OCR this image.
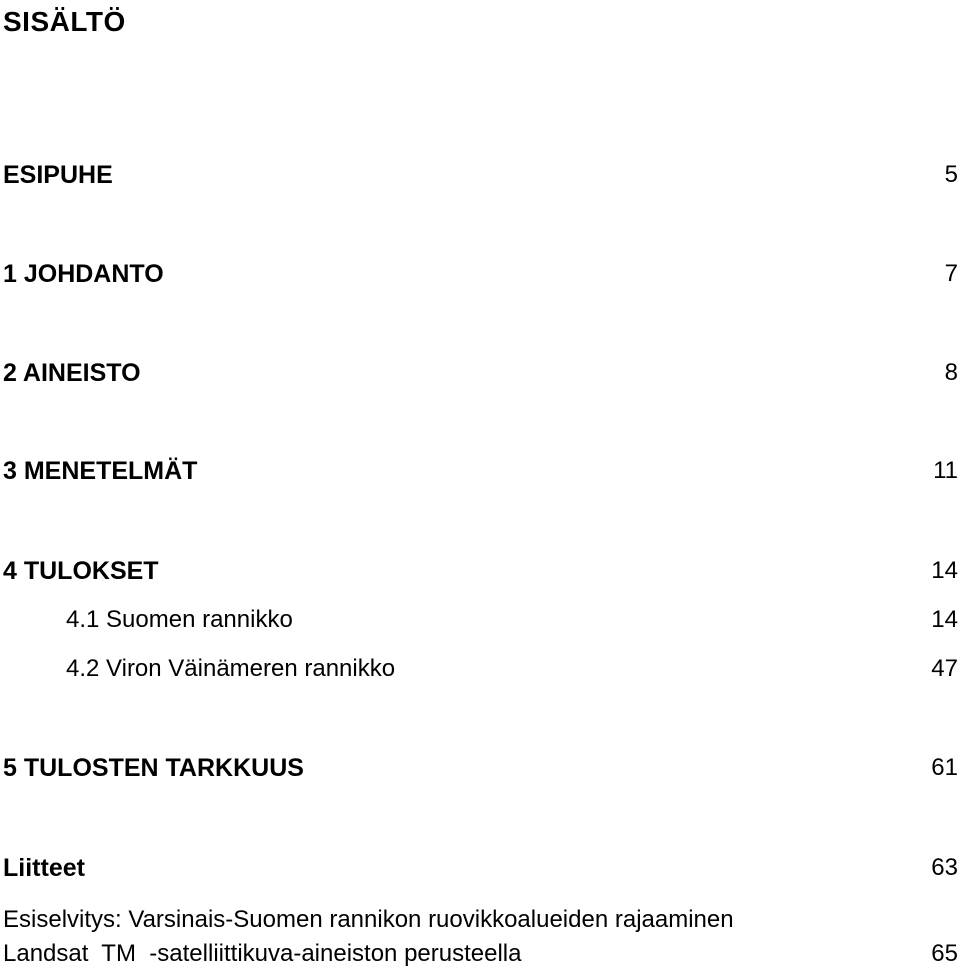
SISÄLTÖ
ESIPUHE	5
1 JOHDANTO	7
2 AINEISTO	8
3 MENETELMÄT	11
4 TULOKSET	14
4.1 Suomen rannikko	14
4.2 Viron Väinämeren rannikko	47
5 TULOSTEN TARKKUUS	61
Liitteet	63
Esiselvitys: Varsinais-Suomen rannikon ruovikkoalueiden rajaaminen
Landsat  TM  -satelliittikuva-aineiston perusteella	65
